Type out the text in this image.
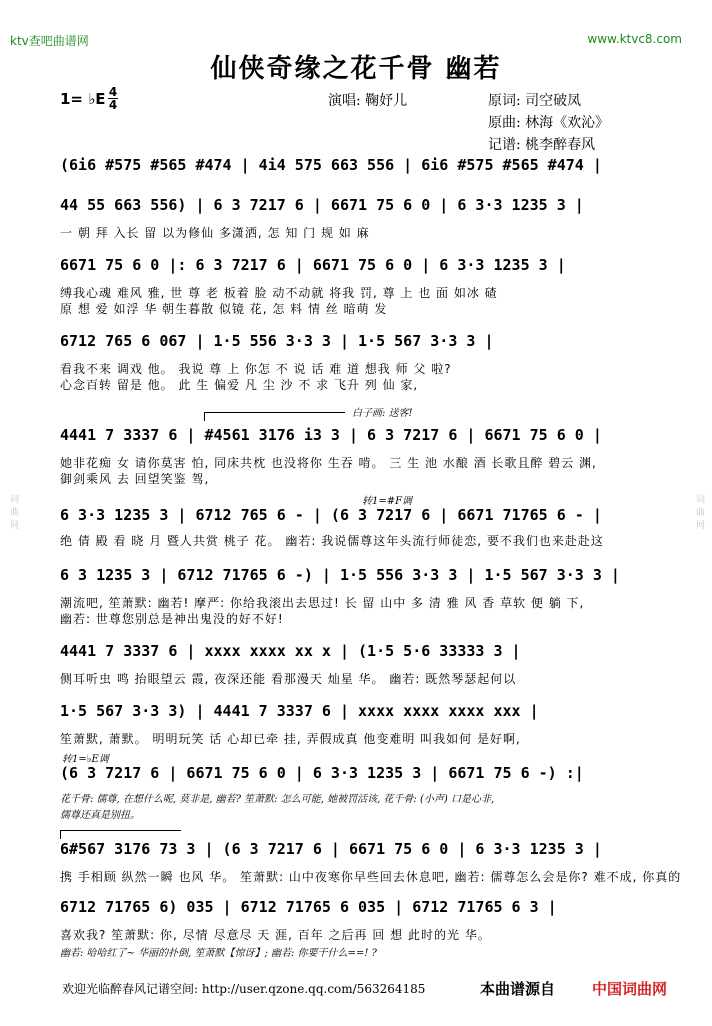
词曲网	词曲网
ktv查吧曲谱网	www.ktvc8.com
仙侠奇缘之花千骨 幽若
1= ♭E 4
4	演唱: 鞠妤儿	原词: 司空破凤
原曲: 林海《欢沁》
记谱: 桃李醉春风
(6i6 #575 #565 #474 | 4i4 575 663 556 | 6i6 #575 #565 #474 |
44 55 663 556) | 6 3 7217 6 | 6671 75 6 0 | 6 3·3 1235 3 |
一 朝 拜 入长 留 以为修仙 多潇洒, 怎 知 门 规 如 麻
6671 75 6 0 |: 6 3 7217 6 | 6671 75 6 0 | 6 3·3 1235 3 |
缚我心魂 难风 雅, 世 尊 老 板着 脸 动不动就 将我 罚, 尊 上 也 面 如冰 碴
原 想 爱 如浮 华 朝生暮散 似镜 花, 怎 料 情 丝 暗萌 发
6712 765 6 067 | 1·5 556 3·3 3 | 1·5 567 3·3 3 |
看我不来 调戏 他。 我说 尊 上 你怎 不 说 话 难 道 想我 师 父 啦?
心念百转 留是 他。 此 生 偏爱 凡 尘 沙 不 求 飞升 列 仙 家,
白子画: 送客!
4441 7 3337 6 | #4561 3176 i3 3 | 6 3 7217 6 | 6671 75 6 0 |
她非花痴 女 请你莫害 怕, 同床共枕 也没将你 生吞 啃。 三 生 池 水酿 酒 长歌且醉 碧云 渊,
御剑乘风 去 回望笑鉴 驾,
转1=#F调
6 3·3 1235 3 | 6712 765 6 - | (6 3 7217 6 | 6671 71765 6 - |
绝 倩 殿 看 晓 月 暨人共赏 桃子 花。 幽若: 我说儒尊这年头流行师徒恋, 要不我们也来赴赴这
6 3 1235 3 | 6712 71765 6 -) | 1·5 556 3·3 3 | 1·5 567 3·3 3 |
潮流吧, 笙萧默: 幽若! 摩严: 你给我滚出去思过! 长 留 山中 多 清 雅 风 香 草软 便 躺 下,
幽若: 世尊您别总是神出鬼没的好不好!
4441 7 3337 6 | xxxx xxxx xx x | (1·5 5·6 33333 3 |
侧耳听虫 鸣 抬眼望云 霞, 夜深还能 看那漫天 灿星 华。 幽若: 既然琴瑟起何以
1·5 567 3·3 3) | 4441 7 3337 6 | xxxx xxxx xxxx xxx |
笙萧默, 萧默。 明明玩笑 话 心却已牵 挂, 弄假成真 他变难明 叫我如何 是好啊,
转1=♭E调
(6 3 7217 6 | 6671 75 6 0 | 6 3·3 1235 3 | 6671 75 6 -) :|
花千骨: 儒尊, 在想什么呢, 莫非是, 幽若? 笙萧默: 怎么可能, 她被罚活该, 花千骨: (小声) 口是心非,
儒尊还真是别扭。
6#567 3176 73 3 | (6 3 7217 6 | 6671 75 6 0 | 6 3·3 1235 3 |
携 手相顾 纵然一瞬 也风 华。 笙萧默: 山中夜寒你早些回去休息吧, 幽若: 儒尊怎么会是你? 难不成, 你真的
6712 71765 6) 035 | 6712 71765 6 035 | 6712 71765 6 3 |
喜欢我? 笙萧默: 你, 尽情 尽意尽 天 涯, 百年 之后再 回 想 此时的光 华。
幽若: 哈哈红了~ 华丽的扑倒, 笙萧默【惊讶】; 幽若: 你要干什么==! ?
欢迎光临醉春风记谱空间: http://user.qzone.qq.com/563264185	本曲谱源自 中国词曲网
